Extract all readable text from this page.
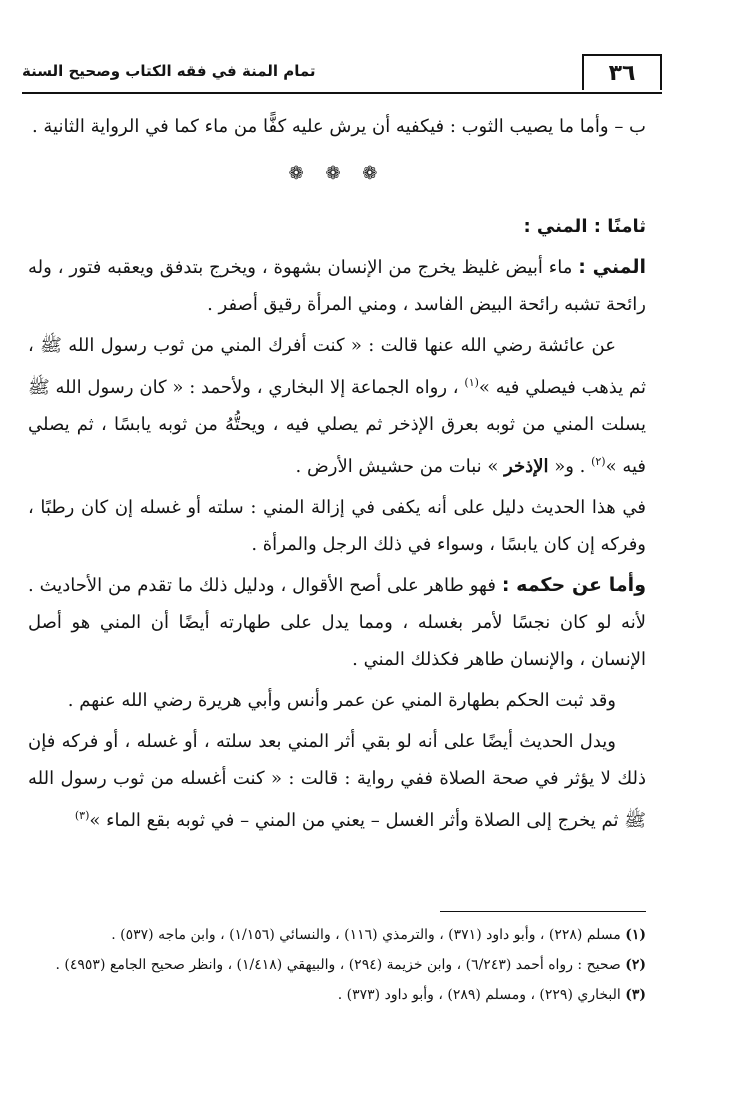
٣٦
تمام المنة في فقه الكتاب وصحيح السنة

ب – وأما ما يصيب الثوب : فيكفيه أن يرش عليه كفًّا من ماء كما في الرواية الثانية .

❁ ❁ ❁

ثامنًا : المني :

المني : ماء أبيض غليظ يخرج من الإنسان بشهوة ، ويخرج بتدفق ويعقبه فتور ، وله رائحة تشبه رائحة البيض الفاسد ، ومني المرأة رقيق أصفر .

عن عائشة رضي الله عنها قالت : « كنت أفرك المني من ثوب رسول الله ﷺ ، ثم يذهب فيصلي فيه »$^{(١)}$ ، رواه الجماعة إلا البخاري ، ولأحمد : « كان رسول الله ﷺ يسلت المني من ثوبه بعرق الإذخر ثم يصلي فيه ، ويحتُّهُ من ثوبه يابسًا ، ثم يصلي فيه »$^{(٢)}$ . و« الإذخر » نبات من حشيش الأرض .

في هذا الحديث دليل على أنه يكفى في إزالة المني : سلته أو غسله إن كان رطبًا ، وفركه إن كان يابسًا ، وسواء في ذلك الرجل والمرأة .

وأما عن حكمه : فهو طاهر على أصح الأقوال ، ودليل ذلك ما تقدم من الأحاديث . لأنه لو كان نجسًا لأمر بغسله ، ومما يدل على طهارته أيضًا أن المني هو أصل الإنسان ، والإنسان طاهر فكذلك المني .

وقد ثبت الحكم بطهارة المني عن عمر وأنس وأبي هريرة رضي الله عنهم .

ويدل الحديث أيضًا على أنه لو بقي أثر المني بعد سلته ، أو غسله ، أو فركه فإن ذلك لا يؤثر في صحة الصلاة ففي رواية : قالت : « كنت أغسله من ثوب رسول الله ﷺ ثم يخرج إلى الصلاة وأثر الغسل – يعني من المني – في ثوبه بقع الماء »$^{(٣)}$

(١) مسلم (٢٢٨) ، وأبو داود (٣٧١) ، والترمذي (١١٦) ، والنسائي (١/١٥٦) ، وابن ماجه (٥٣٧) .

(٢) صحيح : رواه أحمد (٦/٢٤٣) ، وابن خزيمة (٢٩٤) ، والبيهقي (١/٤١٨) ، وانظر صحيح الجامع (٤٩٥٣) .

(٣) البخاري (٢٢٩) ، ومسلم (٢٨٩) ، وأبو داود (٣٧٣) .
